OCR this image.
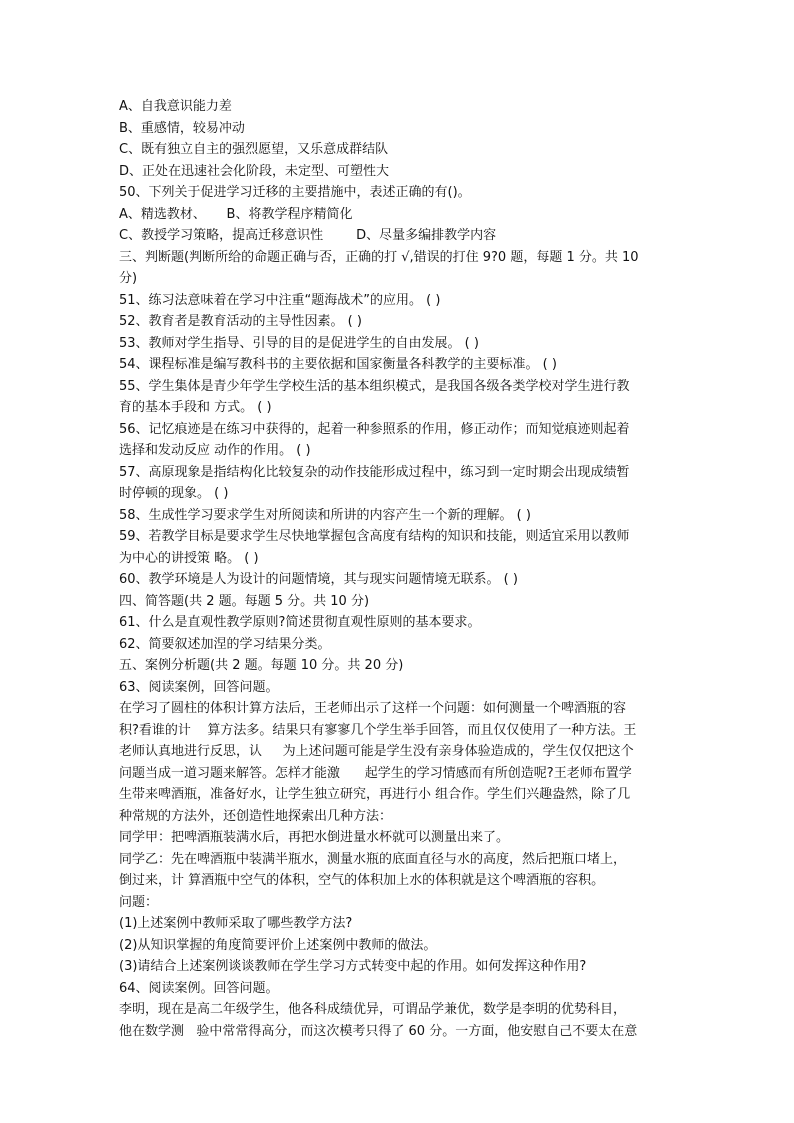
A、自我意识能力差
B、重感情，较易冲动
C、既有独立自主的强烈愿望，又乐意成群结队
D、正处在迅速社会化阶段，未定型、可塑性大
50、下列关于促进学习迁移的主要措施中，表述正确的有()。
A、精选教材、     B、将教学程序精简化
C、教授学习策略，提高迁移意识性        D、尽量多编排教学内容
三、判断题(判断所给的命题正确与否，正确的打 √,错误的打住 9?0 题，每题 1 分。共 10
分)
51、练习法意味着在学习中注重“题海战术”的应用。 ( )
52、教育者是教育活动的主导性因素。 ( )
53、教师对学生指导、引导的目的是促进学生的自由发展。 ( )
54、课程标准是编写教科书的主要依据和国家衡量各科教学的主要标准。 ( )
55、学生集体是青少年学生学校生活的基本组织模式，是我国各级各类学校对学生进行教
育的基本手段和 方式。 ( )
56、记忆痕迹是在练习中获得的，起着一种参照系的作用，修正动作；而知觉痕迹则起着
选择和发动反应 动作的作用。 ( )
57、高原现象是指结构化比较复杂的动作技能形成过程中，练习到一定时期会出现成绩暂
时停顿的现象。 ( )
58、生成性学习要求学生对所阅读和所讲的内容产生一个新的理解。 ( )
59、若教学目标是要求学生尽快地掌握包含高度有结构的知识和技能，则适宜采用以教师
为中心的讲授策 略。 ( )
60、教学环境是人为设计的问题情境，其与现实问题情境无联系。 ( )
四、简答题(共 2 题。每题 5 分。共 10 分)
61、什么是直观性教学原则?简述贯彻直观性原则的基本要求。
62、简要叙述加涅的学习结果分类。
五、案例分析题(共 2 题。每题 10 分。共 20 分)
63、阅读案例，回答问题。
在学习了圆柱的体积计算方法后，王老师出示了这样一个问题：如何测量一个啤酒瓶的容
积?看谁的计    算方法多。结果只有寥寥几个学生举手回答，而且仅仅使用了一种方法。王
老师认真地进行反思，认     为上述问题可能是学生没有亲身体验造成的，学生仅仅把这个
问题当成一道习题来解答。怎样才能激      起学生的学习情感而有所创造呢?王老师布置学
生带来啤酒瓶，准备好水，让学生独立研究，再进行小 组合作。学生们兴趣盎然，除了几
种常规的方法外，还创造性地探索出几种方法：
同学甲：把啤酒瓶装满水后，再把水倒进量水杯就可以测量出来了。
同学乙：先在啤酒瓶中装满半瓶水，测量水瓶的底面直径与水的高度，然后把瓶口堵上，
倒过来，计 算酒瓶中空气的体积，空气的体积加上水的体积就是这个啤酒瓶的容积。
问题：
(1)上述案例中教师采取了哪些教学方法?
(2)从知识掌握的角度简要评价上述案例中教师的做法。
(3)请结合上述案例谈谈教师在学生学习方式转变中起的作用。如何发挥这种作用?
64、阅读案例。回答问题。
李明，现在是高二年级学生，他各科成绩优异，可谓品学兼优，数学是李明的优势科目，
他在数学测   验中常常得高分，而这次模考只得了 60 分。一方面，他安慰自己不要太在意
